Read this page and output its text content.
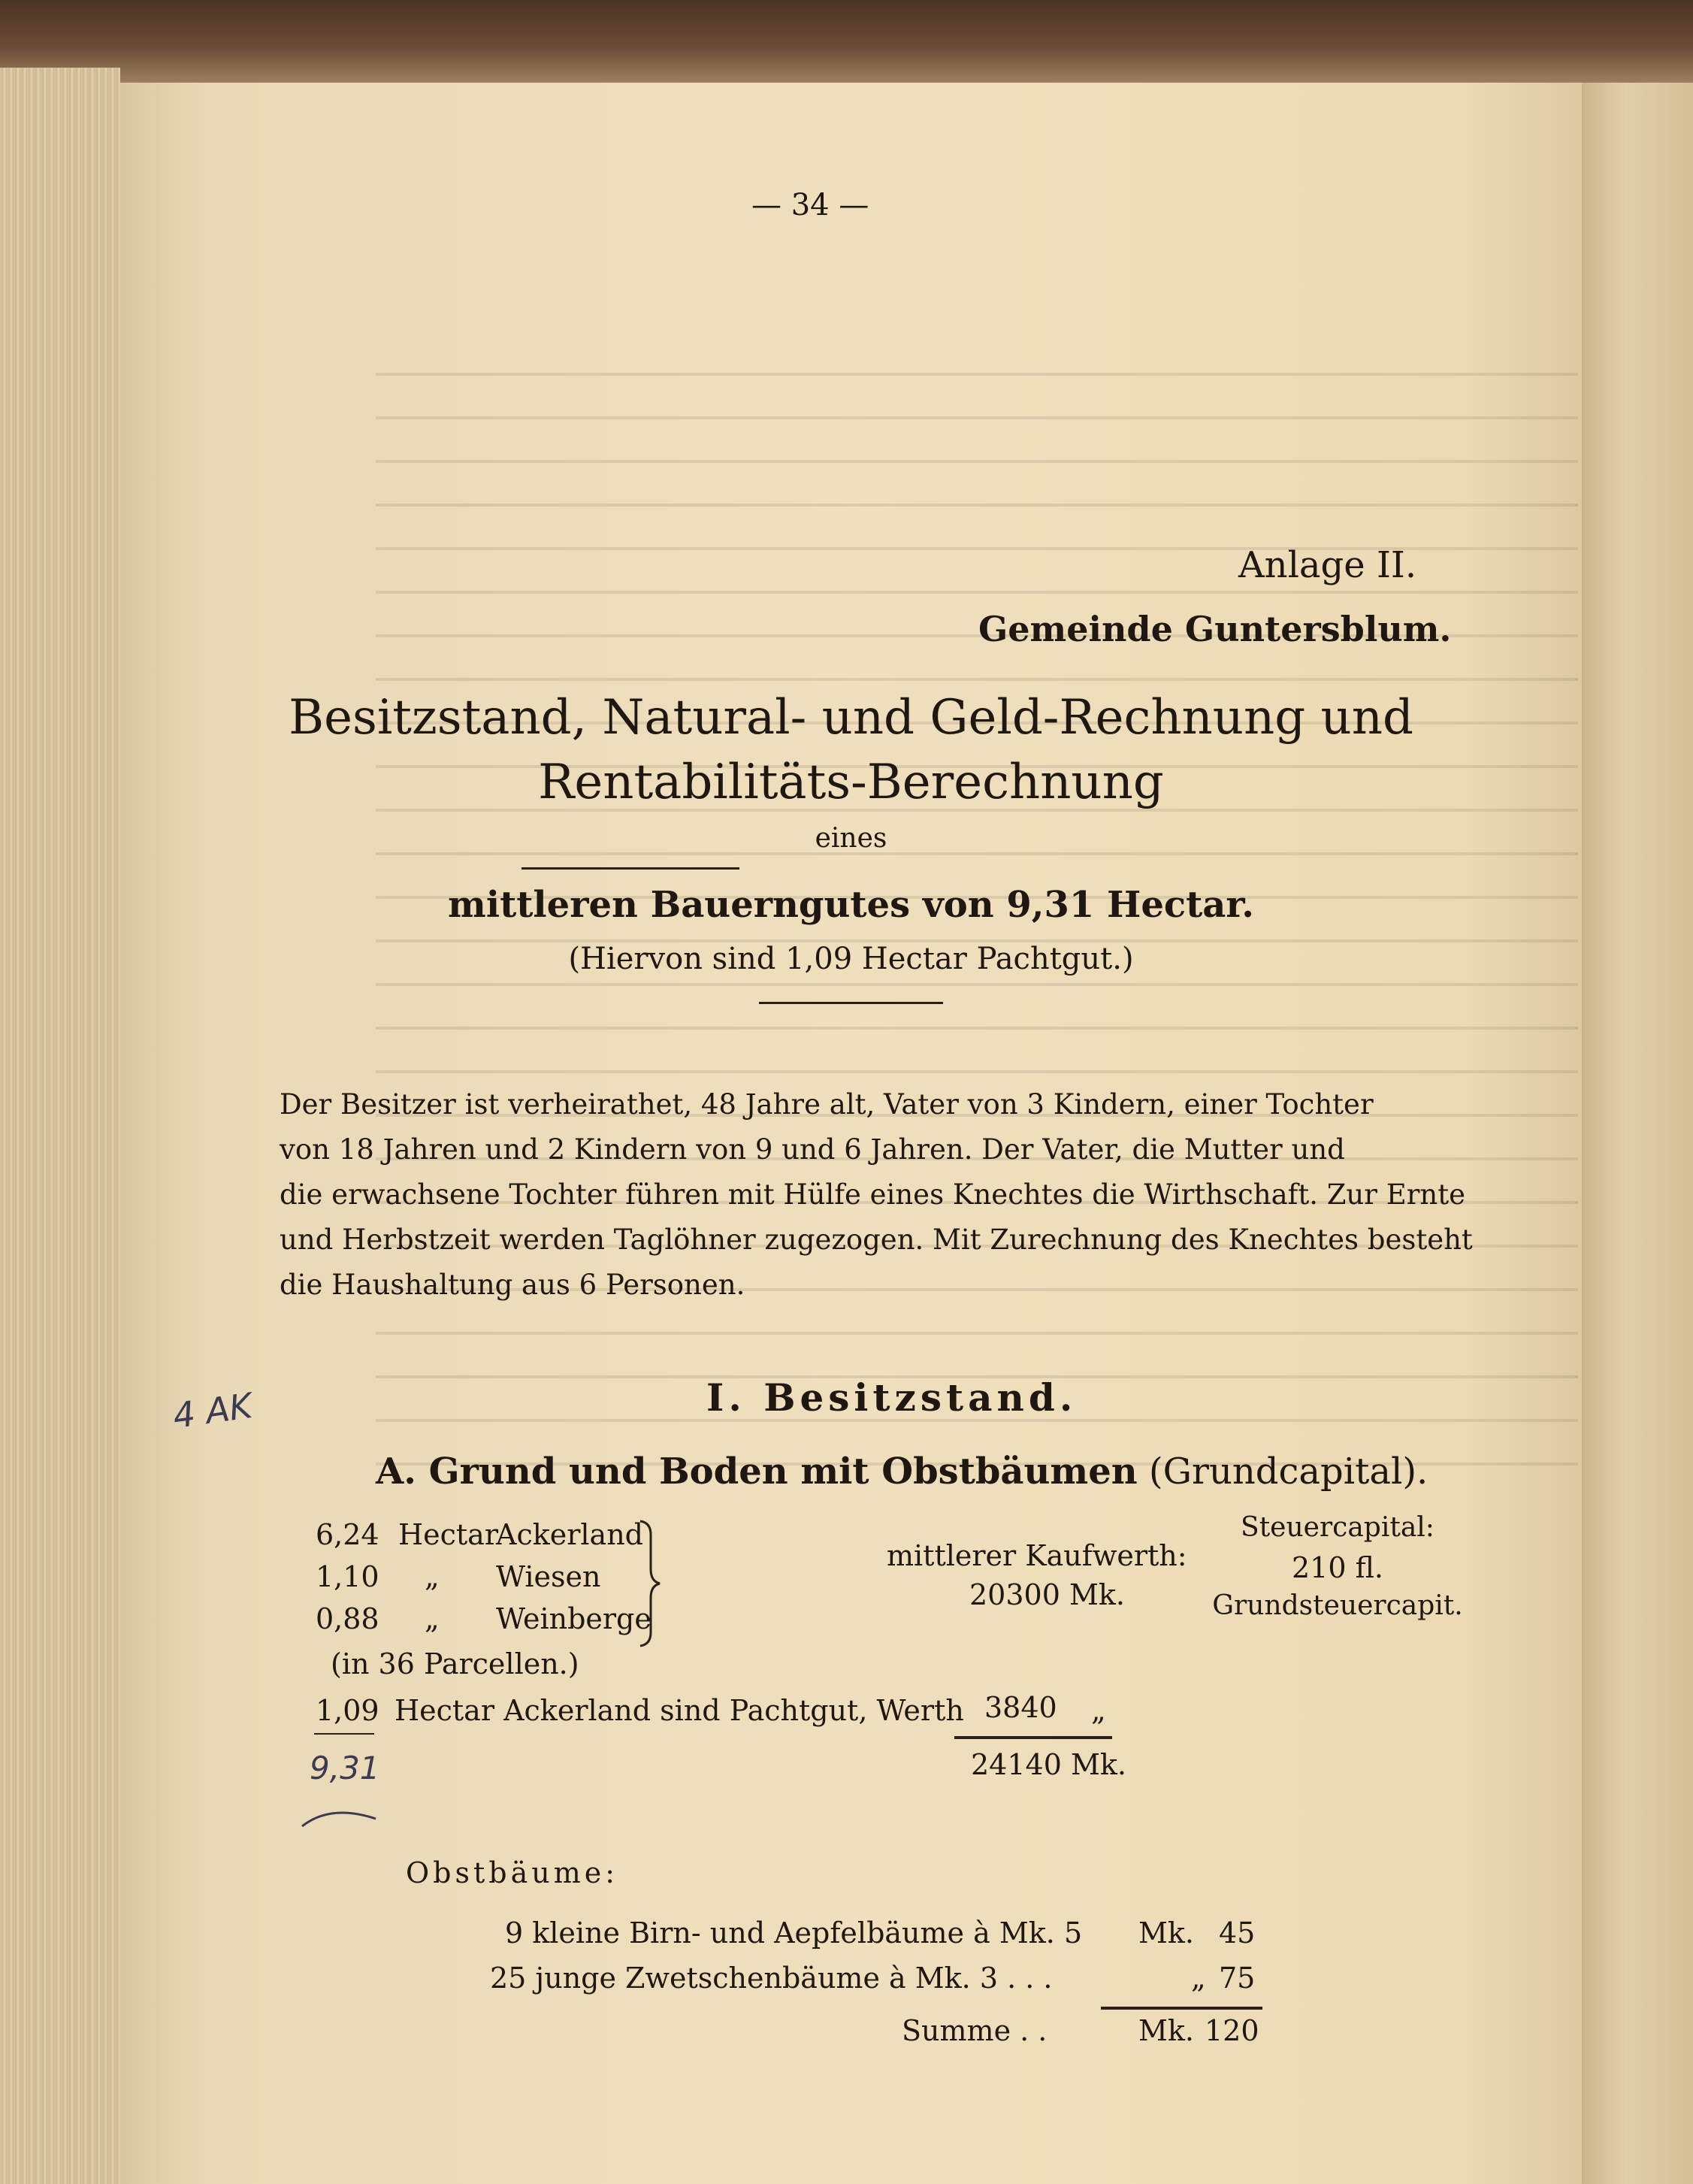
— 34 —
Anlage II.
Gemeinde Guntersblum.
Besitzstand, Natural- und Geld-Rechnung und
Rentabilitäts-Berechnung
eines
mittleren Bauerngutes von 9,31 Hectar.
(Hiervon sind 1,09 Hectar Pachtgut.)
Der Besitzer ist verheirathet, 48 Jahre alt, Vater von 3 Kindern, einer Tochter
von 18 Jahren und 2 Kindern von 9 und 6 Jahren. Der Vater, die Mutter und
die erwachsene Tochter führen mit Hülfe eines Knechtes die Wirthschaft. Zur Ernte
und Herbstzeit werden Taglöhner zugezogen. Mit Zurechnung des Knechtes besteht
die Haushaltung aus 6 Personen.
I. Besitzstand.
A. Grund und Boden mit Obstbäumen (Grundcapital).
6,24 Hectar
Ackerland
1,10 „ Wiesen
0,88 „ Weinberge
(in 36 Parcellen.)
mittlerer Kaufwerth:
20300 Mk.
Steuercapital:
210 fl.
Grundsteuercapit.
1,09 Hectar Ackerland sind Pachtgut, Werth 3840 „
24140 Mk.
9,31
4 AK
Obstbäume:
9 kleine Birn- und Aepfelbäume à Mk. 5 Mk. 45
25 junge Zwetschenbäume à Mk. 3 . . .	„ 75
Summe . .	Mk. 120
